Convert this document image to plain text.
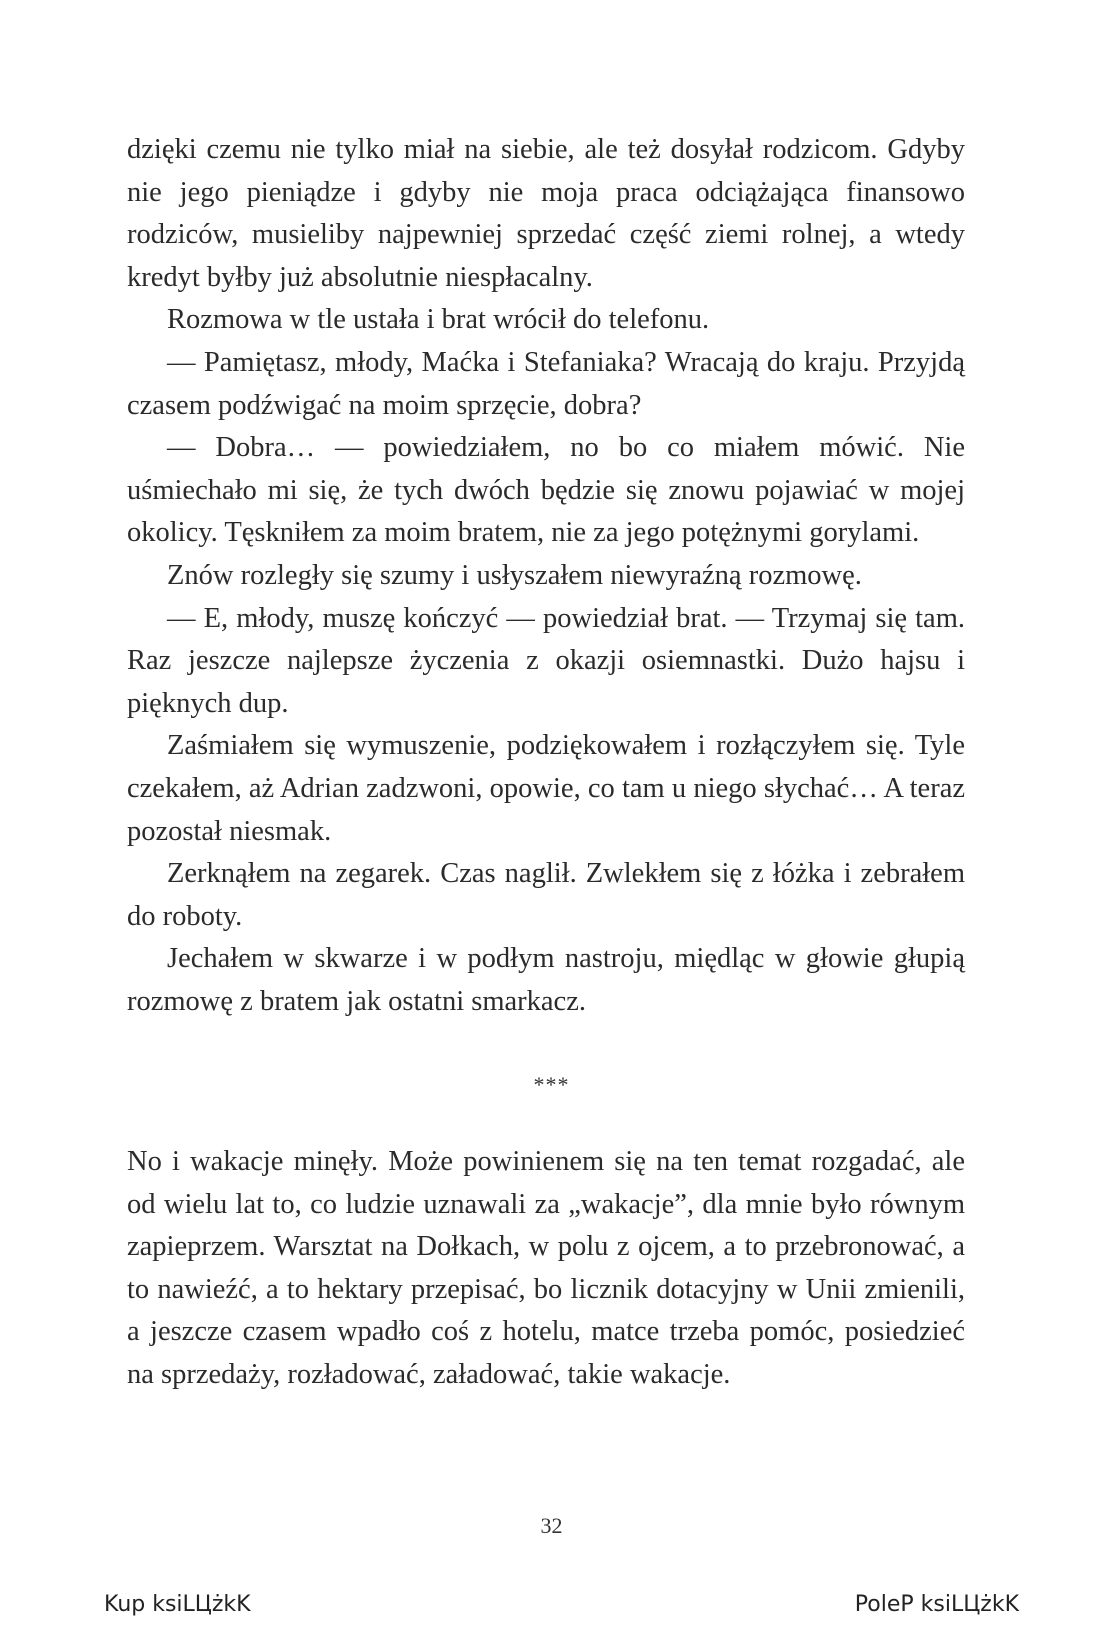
dzięki czemu nie tylko miał na siebie, ale też dosyłał rodzicom. Gdyby nie jego pieniądze i gdyby nie moja praca odciążająca finansowo rodziców, musieliby najpewniej sprzedać część ziemi rolnej, a wtedy kredyt byłby już absolutnie niespłacalny.

Rozmowa w tle ustała i brat wrócił do telefonu.

— Pamiętasz, młody, Maćka i Stefaniaka? Wracają do kraju. Przyjdą czasem podźwigać na moim sprzęcie, dobra?

— Dobra… — powiedziałem, no bo co miałem mówić. Nie uśmiechało mi się, że tych dwóch będzie się znowu pojawiać w mojej okolicy. Tęskniłem za moim bratem, nie za jego potężnymi gorylami.

Znów rozległy się szumy i usłyszałem niewyraźną rozmowę.

— E, młody, muszę kończyć — powiedział brat. — Trzymaj się tam. Raz jeszcze najlepsze życzenia z okazji osiemnastki. Dużo hajsu i pięknych dup.

Zaśmiałem się wymuszenie, podziękowałem i rozłączyłem się. Tyle czekałem, aż Adrian zadzwoni, opowie, co tam u niego słychać… A teraz pozostał niesmak.

Zerknąłem na zegarek. Czas naglił. Zwlekłem się z łóżka i zebrałem do roboty.

Jechałem w skwarze i w podłym nastroju, międląc w głowie głupią rozmowę z bratem jak ostatni smarkacz.

***

No i wakacje minęły. Może powinienem się na ten temat rozgadać, ale od wielu lat to, co ludzie uznawali za „wakacje”, dla mnie było równym zapieprzem. Warsztat na Dołkach, w polu z ojcem, a to przebronować, a to nawieźć, a to hektary przepisać, bo licznik dotacyjny w Unii zmienili, a jeszcze czasem wpadło coś z hotelu, matce trzeba pomóc, posiedzieć na sprzedaży, rozładować, załadować, takie wakacje.

32
Kup ksiLЦżkK	PoleP ksiLЦżkK
